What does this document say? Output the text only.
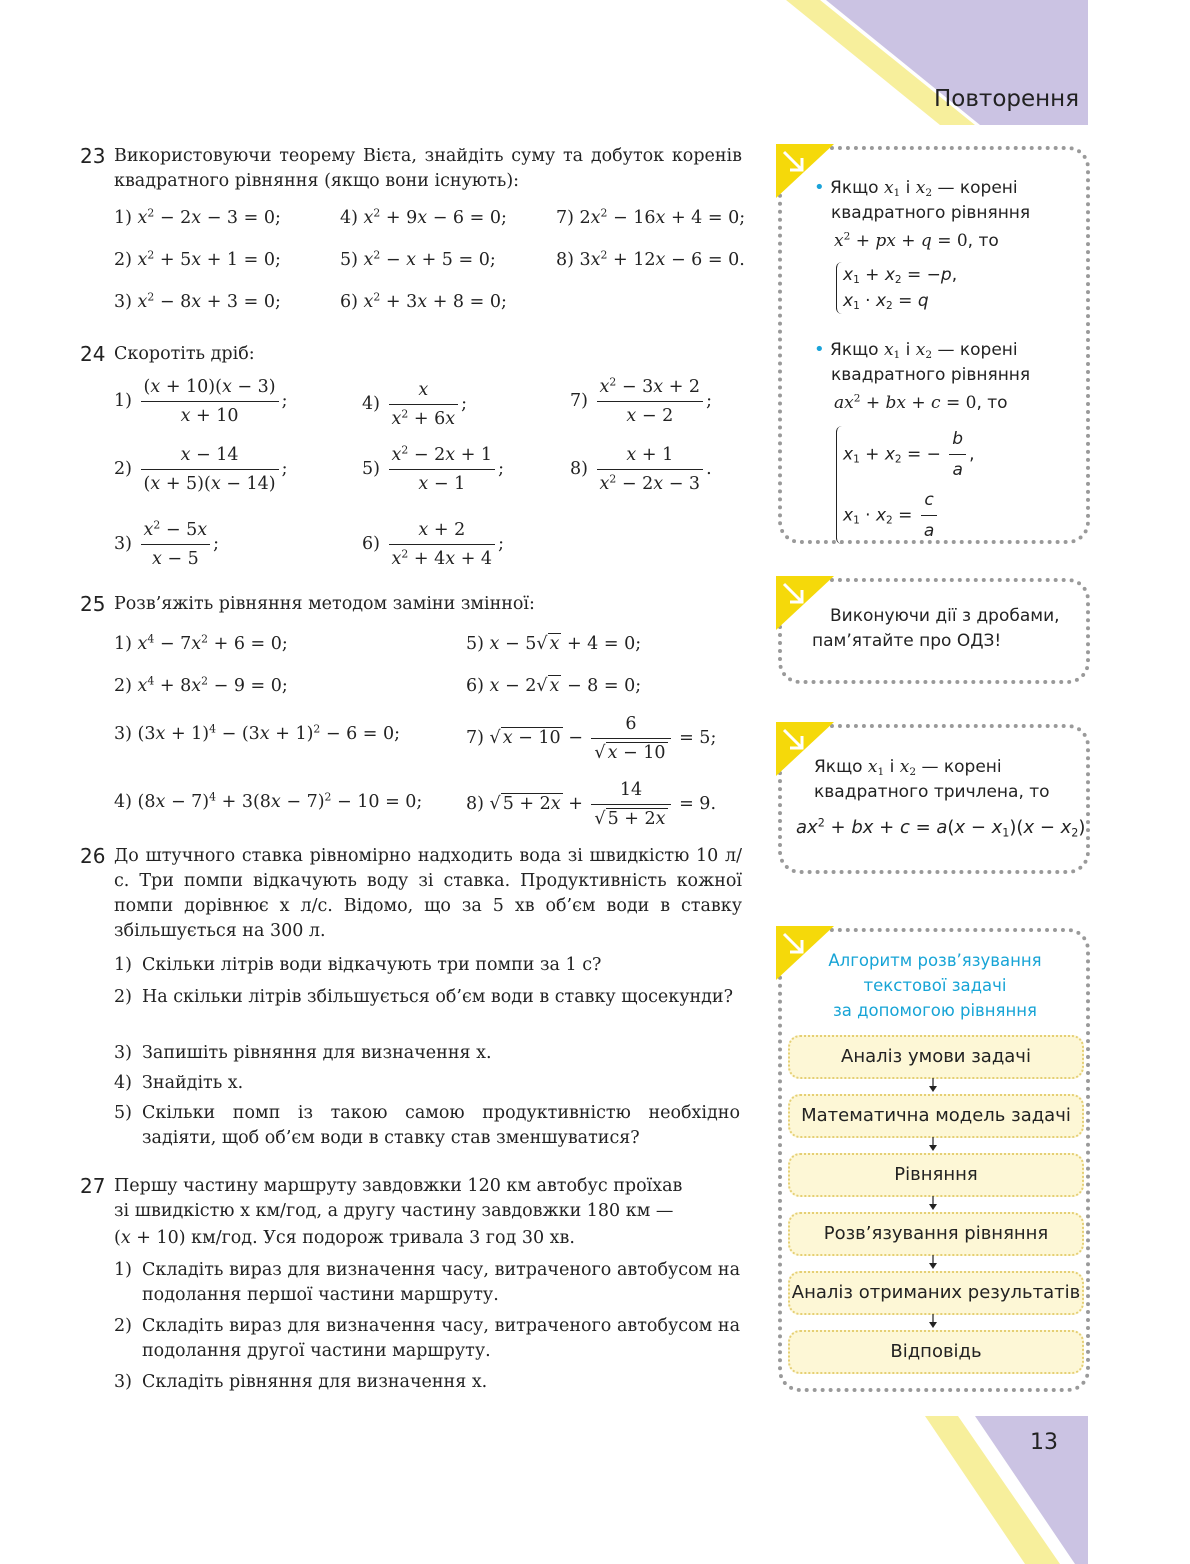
Повторення
13
23 Використовуючи теорему Вієта, знайдіть суму та добуток коренів квадратного рівняння (якщо вони існують):
1) $x^2 - 2x - 3 = 0$;
2) $x^2 + 5x + 1 = 0$;
3) $x^2 - 8x + 3 = 0$;
4) $x^2 + 9x - 6 = 0$;
5) $x^2 - x + 5 = 0$;
6) $x^2 + 3x + 8 = 0$;
7) $2x^2 - 16x + 4 = 0$;
8) $3x^2 + 12x - 6 = 0$.
24 Скоротіть дріб:
$1) \frac{(x + 10)(x - 3)}{x + 10}$ ;
$2) \frac{x - 14}{(x + 5)(x - 14)}$ ;
$3) \frac{x^2 - 5x}{x - 5}$ ;
$4) \frac{x}{x^2 + 6x}$ ;
$5) \frac{x^2 - 2x + 1}{x - 1}$ ;
$6) \frac{x + 2}{x^2 + 4x + 4}$ ;
$7) \frac{x^2 - 3x + 2}{x - 2}$ ;
$8) \frac{x + 1}{x^2 - 2x - 3}$ .
25 Розв’яжіть рівняння методом заміни змінної:
1) $x^4 - 7x^2 + 6 = 0$;
2) $x^4 + 8x^2 - 9 = 0$;
3) $(3x + 1)^4 - (3x + 1)^2 - 6 = 0$;
4) $(8x - 7)^4 + 3(8x - 7)^2 - 10 = 0$;
5) x − 5√ x + 4 = 0;
6) x − 2√ x − 8 = 0;
7) √ $x - 10 - \frac{6}{√ x - 10} = 5$;
8) √ $5 + 2x + \frac{14}{√ 5 + 2x} = 9$.
26 До штучного ставка рівномірно надходить вода зі швидкістю 10 л/с. Три помпи відкачують воду зі ставка. Продуктивність кожної помпи дорівнює x л/с. Відомо, що за 5 хв об’єм води в ставку збільшується на 300 л.
1) Скільки літрів води відкачують три помпи за 1 с?
2) На скільки літрів збільшується об’єм води в ставку щосекунди?
3) Запишіть рівняння для визначення x.
4) Знайдіть x.
5) Скільки помп із такою самою продуктивністю необхідно задіяти, щоб об’єм води в ставку став зменшуватися?
27 Першу частину маршруту завдовжки 120 км автобус проїхав
зі швидкістю x км/год, а другу частину завдовжки 180 км —
(x + 10) км/год. Уся подорож тривала 3 год 30 хв.
1) Складіть вираз для визначення часу, витраченого автобусом на подолання першої частини маршруту.
2) Складіть вираз для визначення часу, витраченого автобусом на подолання другої частини маршруту.
3) Складіть рівняння для визначення x.
• Якщо $x_1$ і $x_2$ — корені
квадратного рівняння
$x^2$ + px + q = 0, то
$x_1 + x_2 = -p$,
$x_1 \cdot x_2 = q$
• Якщо $x_1$ і $x_2$ — корені
квадратного рівняння
$ax^2$ + bx + c = 0, то
$x_1 + x_2$ = − $\frac{b}{a}$ ,
$x_1 \cdot x_2 = \frac{c}{a}$
Виконуючи дії з дробами,
пам’ятайте про ОДЗ!
Якщо $x_1$ і $x_2$ — корені
квадратного тричлена, то
$ax^2$ + bx + $c = a(x - x_1)(x - x_2)$
Алгоритм розв’язування
текстової задачі
за допомогою рівняння
Аналіз умови задачі
Математична модель задачі
Рівняння
Розв’язування рівняння
Аналіз отриманих результатів
Відповідь
